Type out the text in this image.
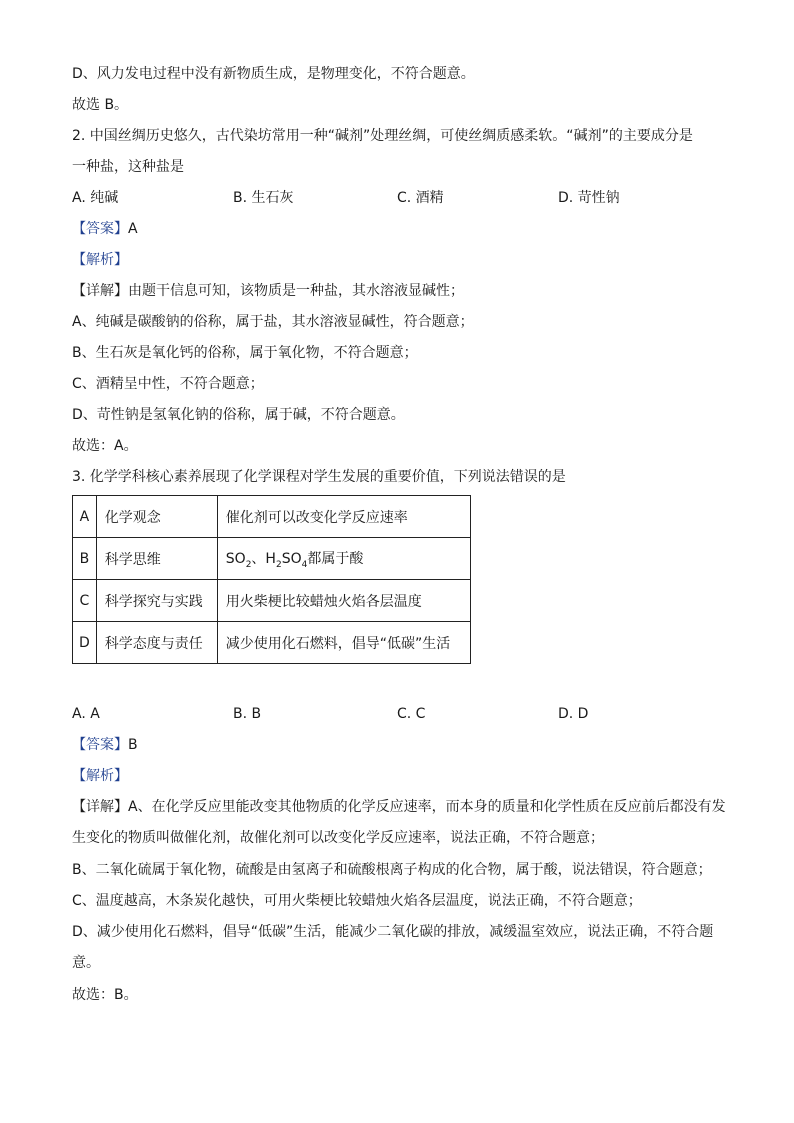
D、风力发电过程中没有新物质生成，是物理变化，不符合题意。
故选 B。
2. 中国丝绸历史悠久，古代染坊常用一种“碱剂”处理丝绸，可使丝绸质感柔软。“碱剂”的主要成分是
一种盐，这种盐是
A. 纯碱	B. 生石灰	C. 酒精	D. 苛性钠
【答案】A
【解析】
【详解】由题干信息可知，该物质是一种盐，其水溶液显碱性；
A、纯碱是碳酸钠的俗称，属于盐，其水溶液显碱性，符合题意；
B、生石灰是氧化钙的俗称，属于氧化物，不符合题意；
C、酒精呈中性，不符合题意；
D、苛性钠是氢氧化钠的俗称，属于碱，不符合题意。
故选：A。
3. 化学学科核心素养展现了化学课程对学生发展的重要价值，下列说法错误的是
A	化学观念	催化剂可以改变化学反应速率
B	科学思维	$SO_2$、$H_2SO_4$都属于酸
C	科学探究与实践	用火柴梗比较蜡烛火焰各层温度
D	科学态度与责任	减少使用化石燃料，倡导“低碳”生活
A. A	B. B	C. C	D. D
【答案】B
【解析】
【详解】A、在化学反应里能改变其他物质的化学反应速率，而本身的质量和化学性质在反应前后都没有发生变化的物质叫做催化剂，故催化剂可以改变化学反应速率，说法正确，不符合题意；
B、二氧化硫属于氧化物，硫酸是由氢离子和硫酸根离子构成的化合物，属于酸，说法错误，符合题意；
C、温度越高，木条炭化越快，可用火柴梗比较蜡烛火焰各层温度，说法正确，不符合题意；
D、减少使用化石燃料，倡导“低碳”生活，能减少二氧化碳的排放，减缓温室效应，说法正确，不符合题意。
故选：B。
